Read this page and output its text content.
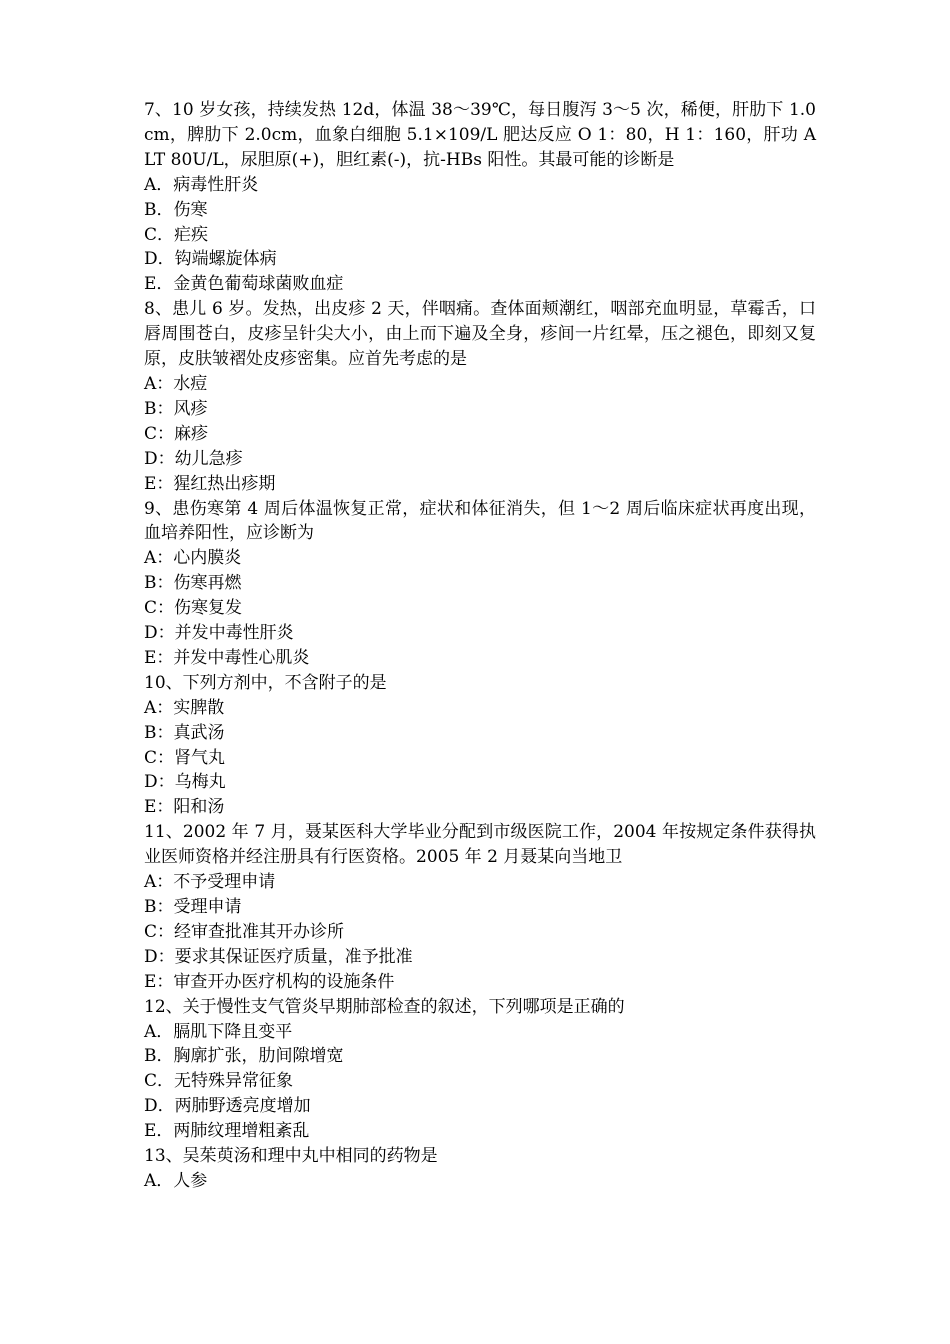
7、10 岁女孩，持续发热 12d，体温 38～39℃，每日腹泻 3～5 次，稀便，肝肋下 1.0cm，脾肋下 2.0cm，血象白细胞 5.1×109/L 肥达反应 O 1：80，H 1：160，肝功 ALT 80U/L，尿胆原(+)，胆红素(-)，抗-HBs 阳性。其最可能的诊断是

A．病毒性肝炎

B．伤寒

C．疟疾

D．钩端螺旋体病

E．金黄色葡萄球菌败血症

8、患儿 6 岁。发热，出皮疹 2 天，伴咽痛。查体面颊潮红，咽部充血明显，草霉舌，口唇周围苍白，皮疹呈针尖大小，由上而下遍及全身，疹间一片红晕，压之褪色，即刻又复原，皮肤皱褶处皮疹密集。应首先考虑的是

A：水痘

B：风疹

C：麻疹

D：幼儿急疹

E：猩红热出疹期

9、患伤寒第 4 周后体温恢复正常，症状和体征消失，但 1～2 周后临床症状再度出现，血培养阳性，应诊断为

A：心内膜炎

B：伤寒再燃

C：伤寒复发

D：并发中毒性肝炎

E：并发中毒性心肌炎

10、下列方剂中，不含附子的是

A：实脾散

B：真武汤

C：肾气丸

D：乌梅丸

E：阳和汤

11、2002 年 7 月，聂某医科大学毕业分配到市级医院工作，2004 年按规定条件获得执业医师资格并经注册具有行医资格。2005 年 2 月聂某向当地卫

A：不予受理申请

B：受理申请

C：经审查批准其开办诊所

D：要求其保证医疗质量，准予批准

E：审查开办医疗机构的设施条件

12、关于慢性支气管炎早期肺部检查的叙述，下列哪项是正确的

A．膈肌下降且变平

B．胸廓扩张，肋间隙增宽

C．无特殊异常征象

D．两肺野透亮度增加

E．两肺纹理增粗紊乱

13、吴茱萸汤和理中丸中相同的药物是

A．人参
